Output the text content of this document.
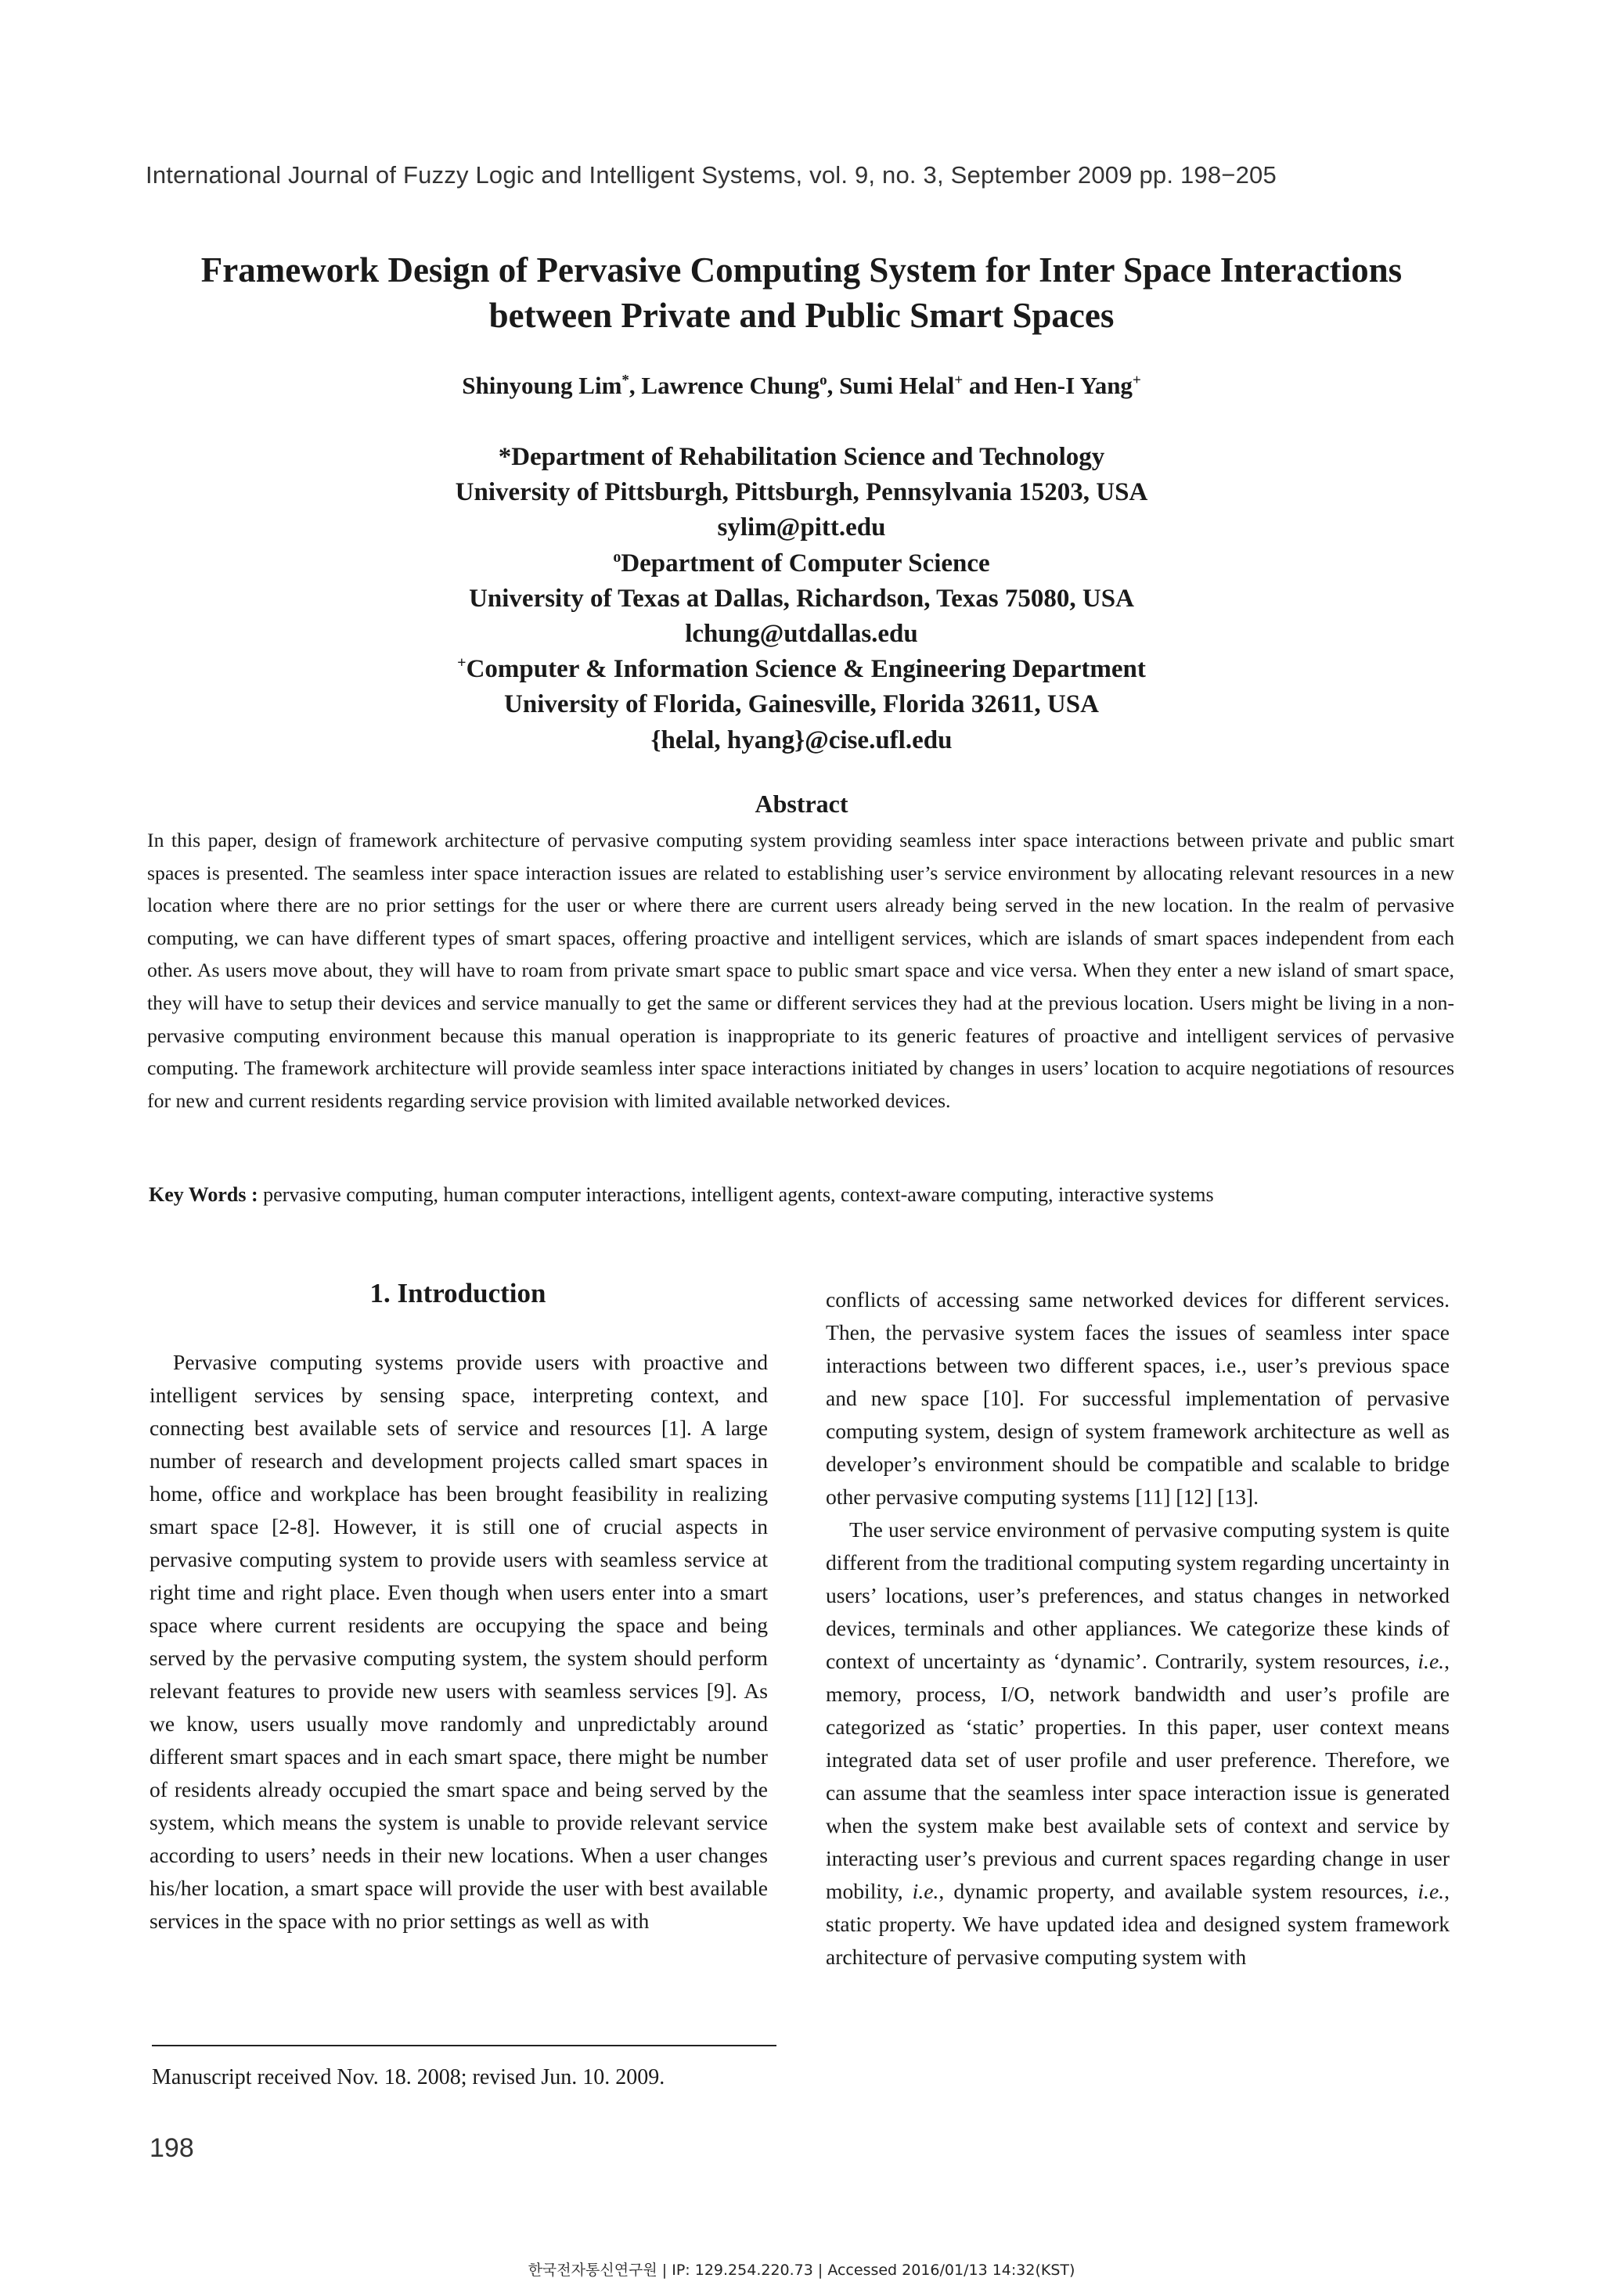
International Journal of Fuzzy Logic and Intelligent Systems, vol. 9, no. 3, September 2009 pp. 198−205
Framework Design of Pervasive Computing System for Inter Space Interactions
between Private and Public Smart Spaces
Shinyoung Lim*, Lawrence Chung$^o$, Sumi Helal+ and Hen-I Yang+
*Department of Rehabilitation Science and Technology
University of Pittsburgh, Pittsburgh, Pennsylvania 15203, USA
sylim@pitt.edu
$^o$Department of Computer Science
University of Texas at Dallas, Richardson, Texas 75080, USA
lchung@utdallas.edu
+Computer & Information Science & Engineering Department
University of Florida, Gainesville, Florida 32611, USA
{helal, hyang}@cise.ufl.edu
Abstract
In this paper, design of framework architecture of pervasive computing system providing seamless inter space interactions between private and public smart spaces is presented. The seamless inter space interaction issues are related to establishing user’s service environment by allocating relevant resources in a new location where there are no prior settings for the user or where there are current users already being served in the new location. In the realm of pervasive computing, we can have different types of smart spaces, offering proactive and intelligent services, which are islands of smart spaces independent from each other. As users move about, they will have to roam from private smart space to public smart space and vice versa. When they enter a new island of smart space, they will have to setup their devices and service manually to get the same or different services they had at the previous location. Users might be living in a non-pervasive computing environment because this manual operation is inappropriate to its generic features of proactive and intelligent services of pervasive computing. The framework architecture will provide seamless inter space interactions initiated by changes in users’ location to acquire negotiations of resources for new and current residents regarding service provision with limited available networked devices.
Key Words : pervasive computing, human computer interactions, intelligent agents, context-aware computing, interactive systems
1. Introduction

Pervasive computing systems provide users with proactive and intelligent services by sensing space, interpreting context, and connecting best available sets of service and resources [1]. A large number of research and development projects called smart spaces in home, office and workplace has been brought feasibility in realizing smart space [2-8]. However, it is still one of crucial aspects in pervasive computing system to provide users with seamless service at right time and right place. Even though when users enter into a smart space where current residents are occupying the space and being served by the pervasive computing system, the system should perform relevant features to provide new users with seamless services [9]. As we know, users usually move randomly and unpredictably around different smart spaces and in each smart space, there might be number of residents already occupied the smart space and being served by the system, which means the system is unable to provide relevant service according to users’ needs in their new locations. When a user changes his/her location, a smart space will provide the user with best available services in the space with no prior settings as well as with

conflicts of accessing same networked devices for different services. Then, the pervasive system faces the issues of seamless inter space interactions between two different spaces, i.e., user’s previous space and new space [10]. For successful implementation of pervasive computing system, design of system framework architecture as well as developer’s environment should be compatible and scalable to bridge other pervasive computing systems [11] [12] [13].

The user service environment of pervasive computing system is quite different from the traditional computing system regarding uncertainty in users’ locations, user’s preferences, and status changes in networked devices, terminals and other appliances. We categorize these kinds of context of uncertainty as ‘dynamic’. Contrarily, system resources, i.e., memory, process, I/O, network bandwidth and user’s profile are categorized as ‘static’ properties. In this paper, user context means integrated data set of user profile and user preference. Therefore, we can assume that the seamless inter space interaction issue is generated when the system make best available sets of context and service by interacting user’s previous and current spaces regarding change in user mobility, i.e., dynamic property, and available system resources, i.e., static property. We have updated idea and designed system framework architecture of pervasive computing system with

Manuscript received Nov. 18. 2008; revised Jun. 10. 2009.
198
한국전자통신연구원 | IP: 129.254.220.73 | Accessed 2016/01/13 14:32(KST)
